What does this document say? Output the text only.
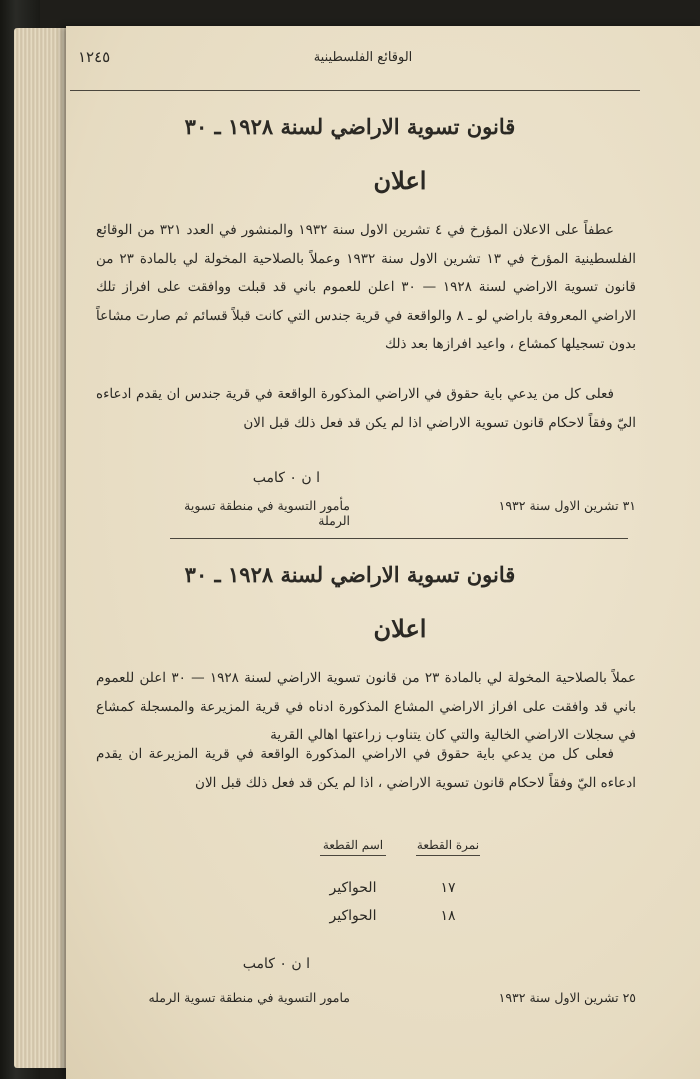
١٢٤٥	الوقائع الفلسطينية
قانون تسوية الاراضي لسنة ١٩٢٨ ـ ٣٠
اعلان
عطفاً على الاعلان المؤرخ في ٤ تشرين الاول سنة ١٩٣٢ والمنشور في العدد ٣٢١ من الوقائع الفلسطينية المؤرخ في ١٣ تشرين الاول سنة ١٩٣٢ وعملاً بالصلاحية المخولة لي بالمادة ٢٣ من قانون تسوية الاراضي لسنة ١٩٢٨ — ٣٠ اعلن للعموم باني قد قبلت ووافقت على افراز تلك الاراضي المعروفة باراضي لو ـ ٨ والواقعة في قرية جندس التي كانت قبلاً قسائم ثم صارت مشاعاً بدون تسجيلها كمشاع ، واعيد افرازها بعد ذلك
فعلى كل من يدعي باية حقوق في الاراضي المذكورة الواقعة في قرية جندس ان يقدم ادعاءه اليّ وفقاً لاحكام قانون تسوية الاراضي اذا لم يكن قد فعل ذلك قبل الان
ا ن ٠ كامب
مأمور التسوية في منطقة تسوية الرملة
٣١ تشرين الاول سنة ١٩٣٢
قانون تسوية الاراضي لسنة ١٩٢٨ ـ ٣٠
اعلان
عملاً بالصلاحية المخولة لي بالمادة ٢٣ من قانون تسوية الاراضي لسنة ١٩٢٨ — ٣٠ اعلن للعموم باني قد وافقت على افراز الاراضي المشاع المذكورة ادناه في قرية المزيرعة والمسجلة كمشاع في سجلات الاراضي الخالية والتي كان يتناوب زراعتها اهالي القرية
فعلى كل من يدعي باية حقوق في الاراضي المذكورة الواقعة في قرية المزيرعة ان يقدم ادعاءه اليّ وفقاً لاحكام قانون تسوية الاراضي ، اذا لم يكن قد فعل ذلك قبل الان
نمرة القطعة
اسم القطعة
١٧
الحواكير
١٨
الحواكير
ا ن ٠ كامب
مامور التسوية في منطقة تسوية الرمله	٢٥ تشرين الاول سنة ١٩٣٢
